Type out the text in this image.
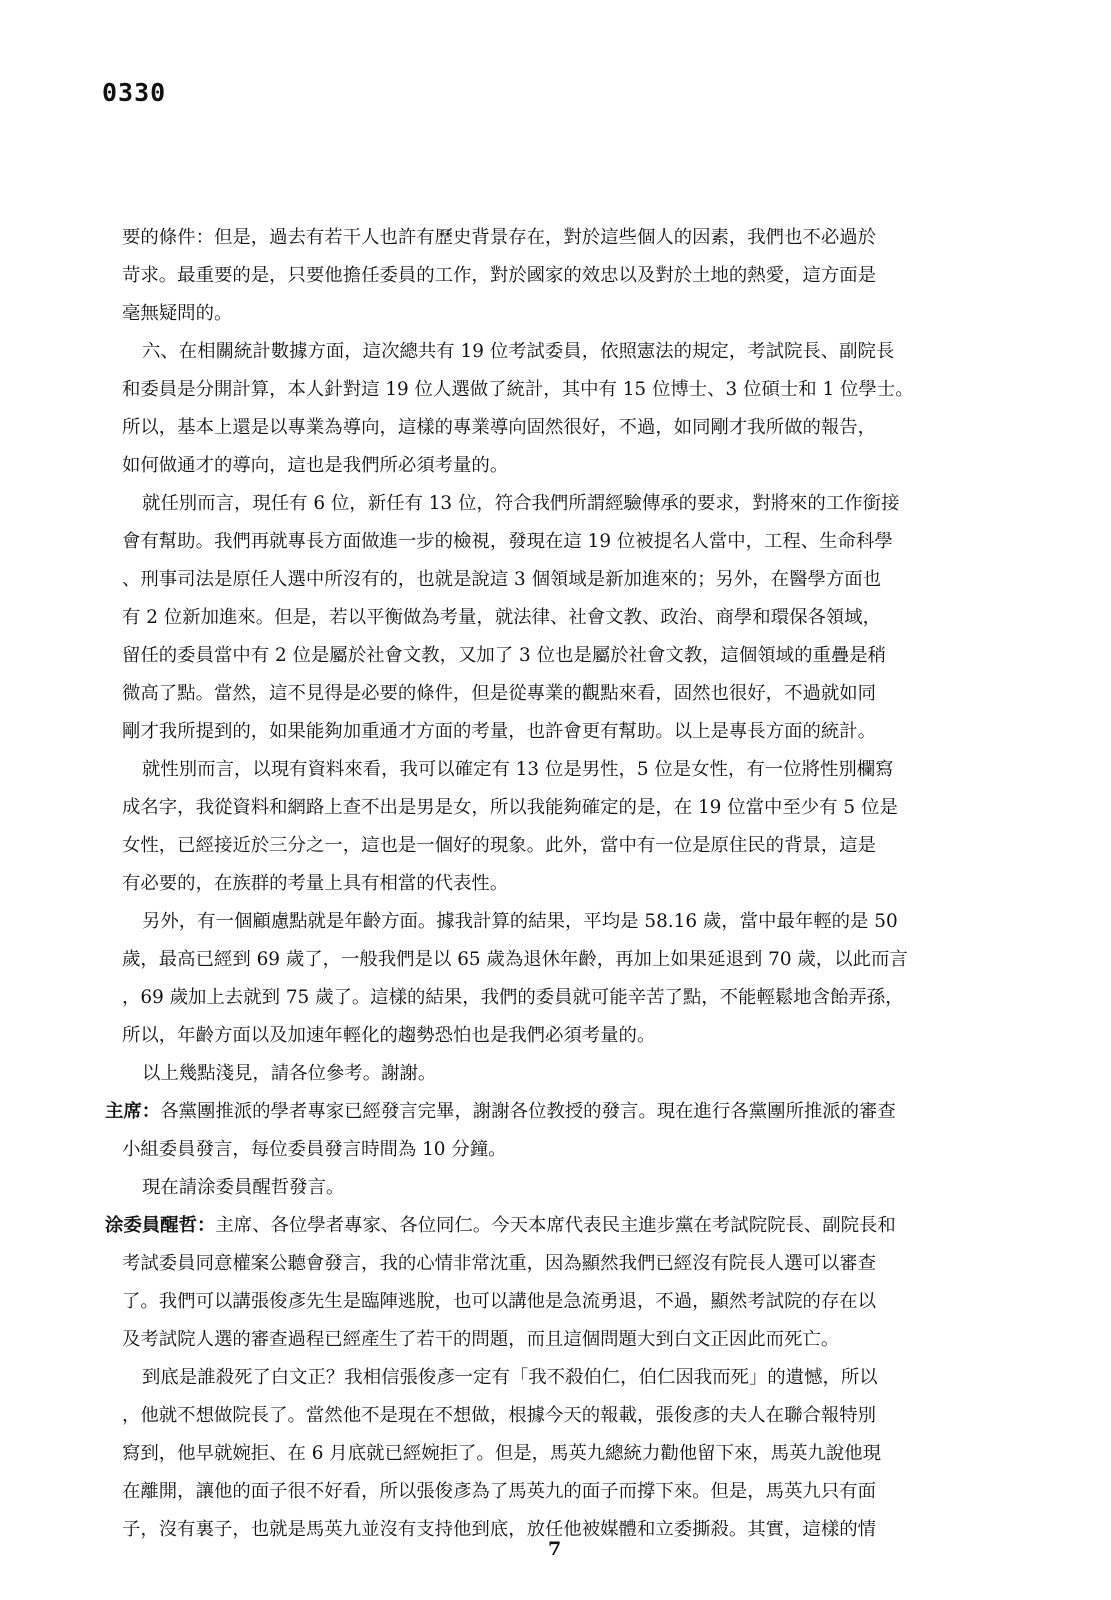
0330
要的條件：但是，過去有若干人也許有歷史背景存在，對於這些個人的因素，我們也不必過於
苛求。最重要的是，只要他擔任委員的工作，對於國家的效忠以及對於土地的熱愛，這方面是
毫無疑問的。
六、在相關統計數據方面，這次總共有 19 位考試委員，依照憲法的規定，考試院長、副院長
和委員是分開計算，本人針對這 19 位人選做了統計，其中有 15 位博士、3 位碩士和 1 位學士。
所以，基本上還是以專業為導向，這樣的專業導向固然很好，不過，如同剛才我所做的報告，
如何做通才的導向，這也是我們所必須考量的。
就任別而言，現任有 6 位，新任有 13 位，符合我們所謂經驗傳承的要求，對將來的工作銜接
會有幫助。我們再就專長方面做進一步的檢視，發現在這 19 位被提名人當中，工程、生命科學
、刑事司法是原任人選中所沒有的，也就是說這 3 個領域是新加進來的；另外，在醫學方面也
有 2 位新加進來。但是，若以平衡做為考量，就法律、社會文教、政治、商學和環保各領域，
留任的委員當中有 2 位是屬於社會文教，又加了 3 位也是屬於社會文教，這個領域的重疊是稍
微高了點。當然，這不見得是必要的條件，但是從專業的觀點來看，固然也很好，不過就如同
剛才我所提到的，如果能夠加重通才方面的考量，也許會更有幫助。以上是專長方面的統計。
就性別而言，以現有資料來看，我可以確定有 13 位是男性，5 位是女性，有一位將性別欄寫
成名字，我從資料和網路上查不出是男是女，所以我能夠確定的是，在 19 位當中至少有 5 位是
女性，已經接近於三分之一，這也是一個好的現象。此外，當中有一位是原住民的背景，這是
有必要的，在族群的考量上具有相當的代表性。
另外，有一個顧慮點就是年齡方面。據我計算的結果，平均是 58.16 歲，當中最年輕的是 50
歲，最高已經到 69 歲了，一般我們是以 65 歲為退休年齡，再加上如果延退到 70 歲，以此而言
，69 歲加上去就到 75 歲了。這樣的結果，我們的委員就可能辛苦了點，不能輕鬆地含飴弄孫，
所以，年齡方面以及加速年輕化的趨勢恐怕也是我們必須考量的。
以上幾點淺見，請各位參考。謝謝。
主席：各黨團推派的學者專家已經發言完畢，謝謝各位教授的發言。現在進行各黨團所推派的審查
小組委員發言，每位委員發言時間為 10 分鐘。
現在請涂委員醒哲發言。
涂委員醒哲：主席、各位學者專家、各位同仁。今天本席代表民主進步黨在考試院院長、副院長和
考試委員同意權案公聽會發言，我的心情非常沈重，因為顯然我們已經沒有院長人選可以審查
了。我們可以講張俊彥先生是臨陣逃脫，也可以講他是急流勇退，不過，顯然考試院的存在以
及考試院人選的審查過程已經產生了若干的問題，而且這個問題大到白文正因此而死亡。
到底是誰殺死了白文正？我相信張俊彥一定有「我不殺伯仁，伯仁因我而死」的遺憾，所以
，他就不想做院長了。當然他不是現在不想做，根據今天的報載，張俊彥的夫人在聯合報特別
寫到，他早就婉拒、在 6 月底就已經婉拒了。但是，馬英九總統力勸他留下來，馬英九說他現
在離開，讓他的面子很不好看，所以張俊彥為了馬英九的面子而撐下來。但是，馬英九只有面
子，沒有裏子，也就是馬英九並沒有支持他到底，放任他被媒體和立委撕殺。其實，這樣的情
7
